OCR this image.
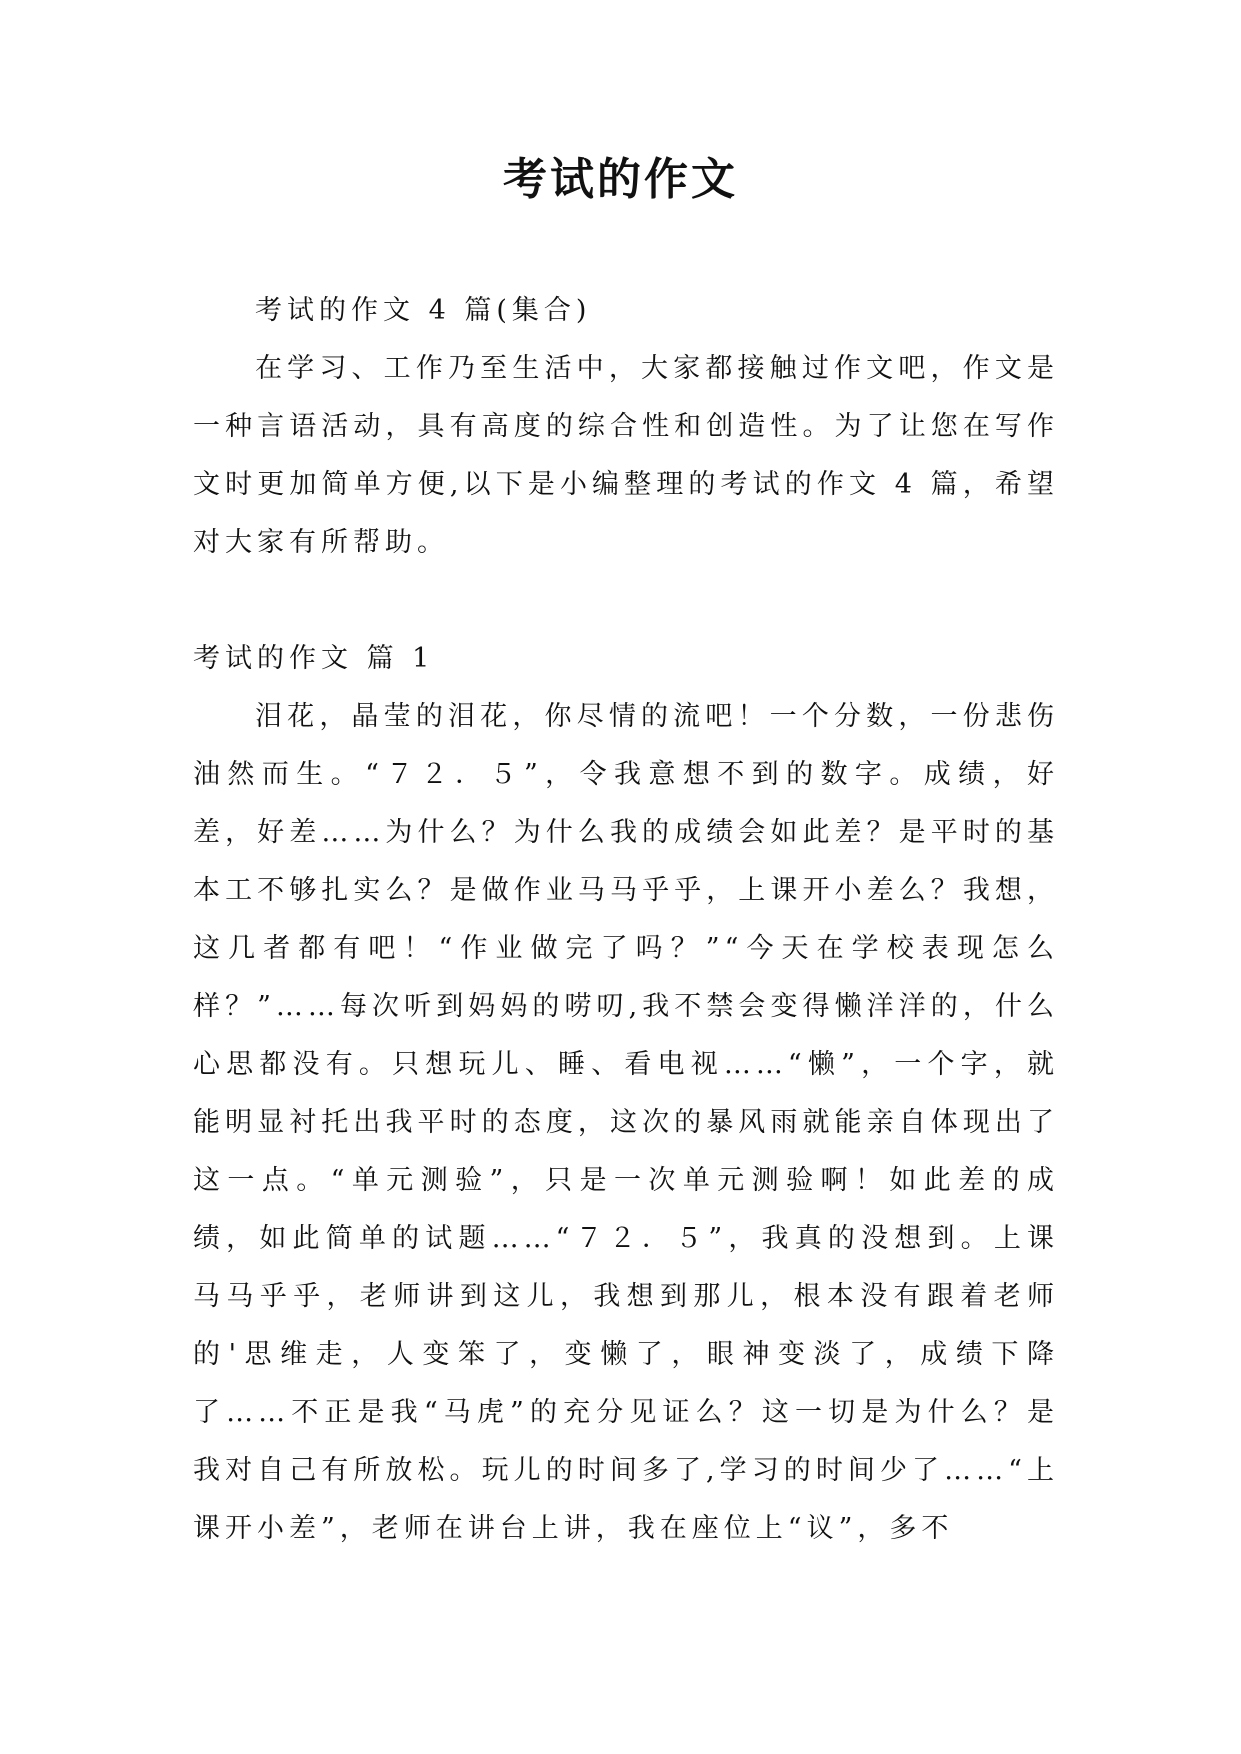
考试的作文

考试的作文 4 篇(集合)

在学习、工作乃至生活中，大家都接触过作文吧，作文是一种言语活动，具有高度的综合性和创造性。为了让您在写作文时更加简单方便,以下是小编整理的考试的作文 4 篇，希望对大家有所帮助。

考试的作文 篇 1

泪花，晶莹的泪花，你尽情的流吧！一个分数，一份悲伤油然而生。“７２．５”，令我意想不到的数字。成绩，好差，好差……为什么？为什么我的成绩会如此差？是平时的基本工不够扎实么？是做作业马马乎乎，上课开小差么？我想，这几者都有吧！“作业做完了吗？”“今天在学校表现怎么样？”……每次听到妈妈的唠叨,我不禁会变得懒洋洋的，什么心思都没有。只想玩儿、睡、看电视……“懒”，一个字，就能明显衬托出我平时的态度，这次的暴风雨就能亲自体现出了这一点。“单元测验”，只是一次单元测验啊！如此差的成绩，如此简单的试题……“７２．５”，我真的没想到。上课马马乎乎，老师讲到这儿，我想到那儿，根本没有跟着老师的'思维走，人变笨了，变懒了，眼神变淡了，成绩下降了……不正是我“马虎”的充分见证么？这一切是为什么？是我对自己有所放松。玩儿的时间多了,学习的时间少了……“上课开小差”，老师在讲台上讲，我在座位上“议”，多不
